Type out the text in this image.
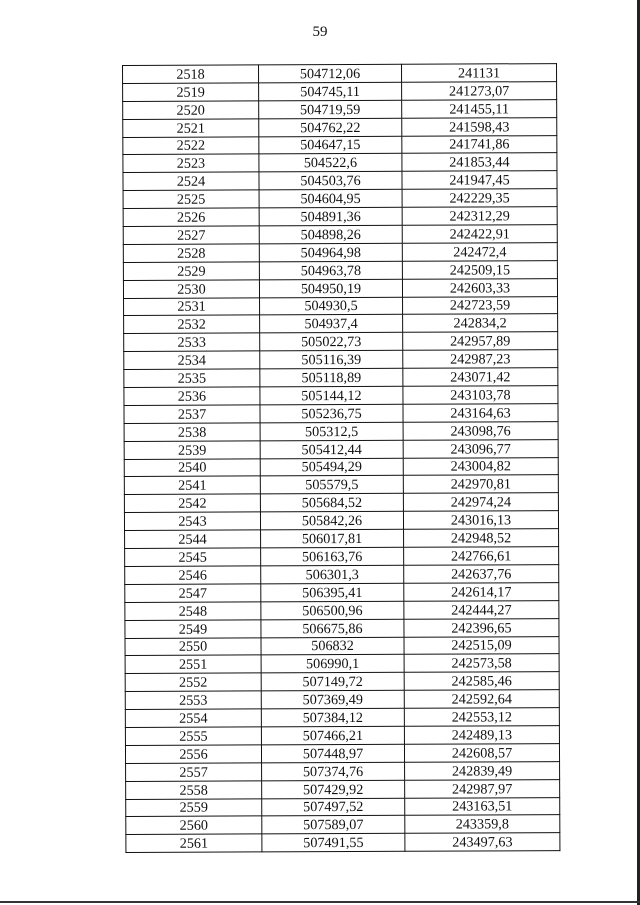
59
2518	504712,06	241131
2519	504745,11	241273,07
2520	504719,59	241455,11
2521	504762,22	241598,43
2522	504647,15	241741,86
2523	504522,6	241853,44
2524	504503,76	241947,45
2525	504604,95	242229,35
2526	504891,36	242312,29
2527	504898,26	242422,91
2528	504964,98	242472,4
2529	504963,78	242509,15
2530	504950,19	242603,33
2531	504930,5	242723,59
2532	504937,4	242834,2
2533	505022,73	242957,89
2534	505116,39	242987,23
2535	505118,89	243071,42
2536	505144,12	243103,78
2537	505236,75	243164,63
2538	505312,5	243098,76
2539	505412,44	243096,77
2540	505494,29	243004,82
2541	505579,5	242970,81
2542	505684,52	242974,24
2543	505842,26	243016,13
2544	506017,81	242948,52
2545	506163,76	242766,61
2546	506301,3	242637,76
2547	506395,41	242614,17
2548	506500,96	242444,27
2549	506675,86	242396,65
2550	506832	242515,09
2551	506990,1	242573,58
2552	507149,72	242585,46
2553	507369,49	242592,64
2554	507384,12	242553,12
2555	507466,21	242489,13
2556	507448,97	242608,57
2557	507374,76	242839,49
2558	507429,92	242987,97
2559	507497,52	243163,51
2560	507589,07	243359,8
2561	507491,55	243497,63
